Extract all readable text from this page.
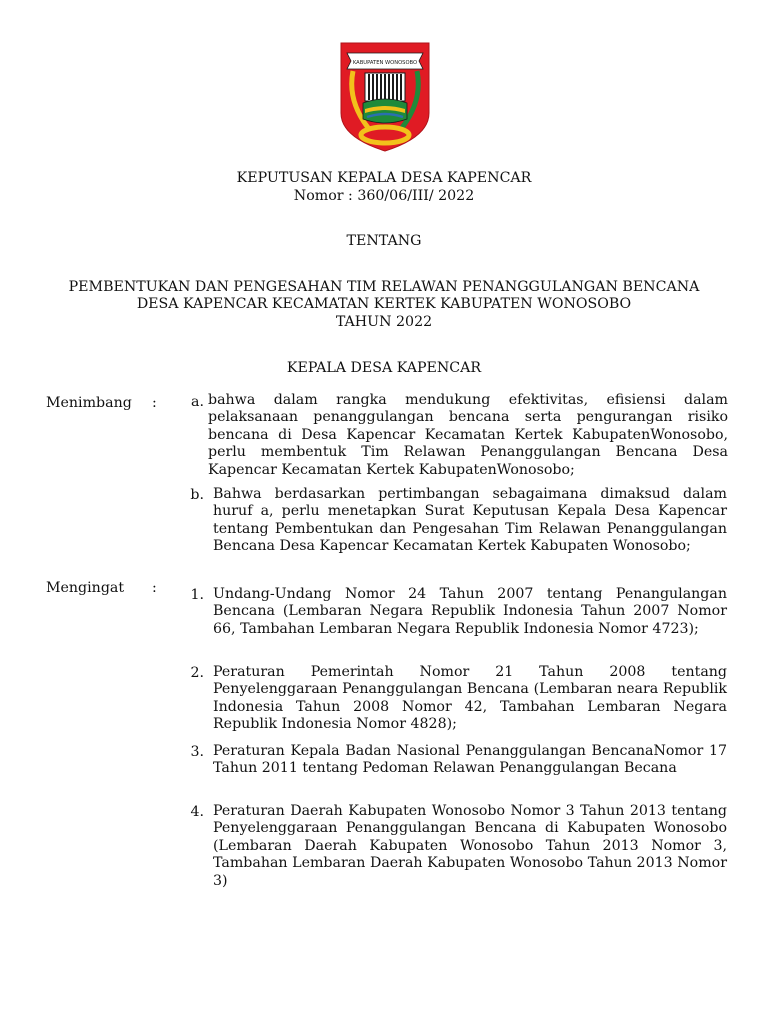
KABUPATEN WONOSOBO
KEPUTUSAN KEPALA DESA KAPENCAR
Nomor : 360/06/III/ 2022
TENTANG
PEMBENTUKAN DAN PENGESAHAN TIM RELAWAN PENANGGULANGAN BENCANA
DESA KAPENCAR KECAMATAN KERTEK KABUPATEN WONOSOBO
TAHUN 2022
KEPALA DESA KAPENCAR
Menimbang :	a. bahwa dalam rangka mendukung efektivitas, efisiensi dalam pelaksanaan penanggulangan bencana serta pengurangan risiko bencana di Desa Kapencar Kecamatan Kertek KabupatenWonosobo, perlu membentuk Tim Relawan Penanggulangan Bencana Desa Kapencar Kecamatan Kertek KabupatenWonosobo;
b. Bahwa berdasarkan pertimbangan sebagaimana dimaksud dalam huruf a, perlu menetapkan Surat Keputusan Kepala Desa Kapencar tentang Pembentukan dan Pengesahan Tim Relawan Penanggulangan Bencana Desa Kapencar Kecamatan Kertek Kabupaten Wonosobo;
Mengingat :	1. Undang-Undang Nomor 24 Tahun 2007 tentang Penangulangan Bencana (Lembaran Negara Republik Indonesia Tahun 2007 Nomor 66, Tambahan Lembaran Negara Republik Indonesia Nomor 4723);
2. Peraturan Pemerintah Nomor 21 Tahun 2008 tentang Penyelenggaraan Penanggulangan Bencana (Lembaran neara Republik Indonesia Tahun 2008 Nomor 42, Tambahan Lembaran Negara Republik Indonesia Nomor 4828);
3. Peraturan Kepala Badan Nasional Penanggulangan BencanaNomor 17 Tahun 2011 tentang Pedoman Relawan Penanggulangan Becana
4. Peraturan Daerah Kabupaten Wonosobo Nomor 3 Tahun 2013 tentang Penyelenggaraan Penanggulangan Bencana di Kabupaten Wonosobo (Lembaran Daerah Kabupaten Wonosobo Tahun 2013 Nomor 3, Tambahan Lembaran Daerah Kabupaten Wonosobo Tahun 2013 Nomor 3)
